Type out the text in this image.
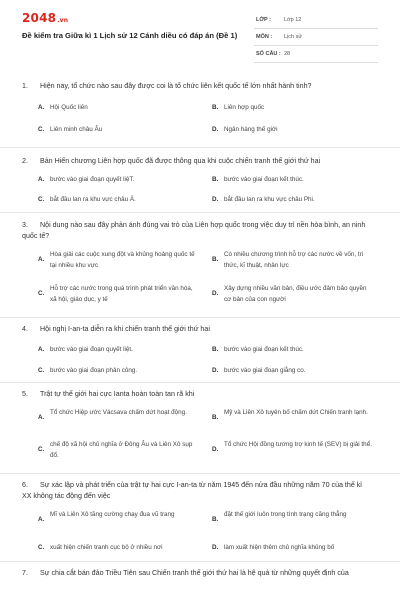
2048.vn
Đề kiểm tra Giữa kì 1 Lịch sử 12 Cánh diều có đáp án (Đề 1)
LỚP : Lớp 12
MÔN : Lịch sử
SỐ CÂU : 28
1. Hiện nay, tổ chức nào sau đây được coi là tổ chức liên kết quốc tế lớn nhất hành tinh?
A. Hội Quốc liên	B. Liên hợp quốc
C. Liên minh châu Âu	D. Ngân hàng thế giới
2. Bản Hiến chương Liên hợp quốc đã được thông qua khi cuộc chiến tranh thế giới thứ hai
A. bước vào giai đoạn quyết liệT.	B. bước vào giai đoạn kết thúc.
C. bắt đầu lan ra khu vực châu Á.	D. bắt đầu lan ra khu vực châu Phi.
3. Nội dung nào sau đây phản ánh đúng vai trò của Liên hợp quốc trong việc duy trì nền hòa bình, an ninh quốc tế?
A.
Hòa giải các cuộc xung đột và khủng hoảng quốc tế tại nhiều khu vực
B.
Có nhiều chương trình hỗ trợ các nước về vốn, tri thức, kĩ thuật, nhân lực
C.
Hỗ trợ các nước trong quá trình phát triển văn hóa, xã hội, giáo dục, y tế
D.
Xây dựng nhiều văn bản, điều ước đảm bảo quyền cơ bản của con người
4. Hội nghị I-an-ta diễn ra khi chiến tranh thế giới thứ hai
A. bước vào giai đoạn quyết liệt.	B. bước vào giai đoạn kết thúc.
C. bước vào giai đoạn phản công.	D. bước vào giai đoạn giằng co.
5. Trật tự thế giới hai cực Ianta hoàn toàn tan rã khi
A.
Tổ chức Hiệp ước Vácsava chấm dứt hoạt động.
B.
Mỹ và Liên Xô tuyên bố chấm dứt Chiến tranh lạnh.
C.
chế độ xã hội chủ nghĩa ở Đông Âu và Liên Xô sụp đổ.
D.
Tổ chức Hội đồng tương trợ kinh tế (SEV) bị giải thể.
6. Sự xác lập và phát triển của trật tự hai cực I-an-ta từ năm 1945 đến nửa đầu những năm 70 của thế kỉ XX không tác động đến việc
A.
Mĩ và Liên Xô tăng cường chạy đua vũ trang
B.
đặt thế giới luôn trong tình trạng căng thẳng
C. xuất hiện chiến tranh cục bộ ở nhiều nơi	D. làm xuất hiện thêm chủ nghĩa khủng bố
7. Sự chia cắt bán đảo Triều Tiên sau Chiến tranh thế giới thứ hai là hệ quả từ những quyết định của
